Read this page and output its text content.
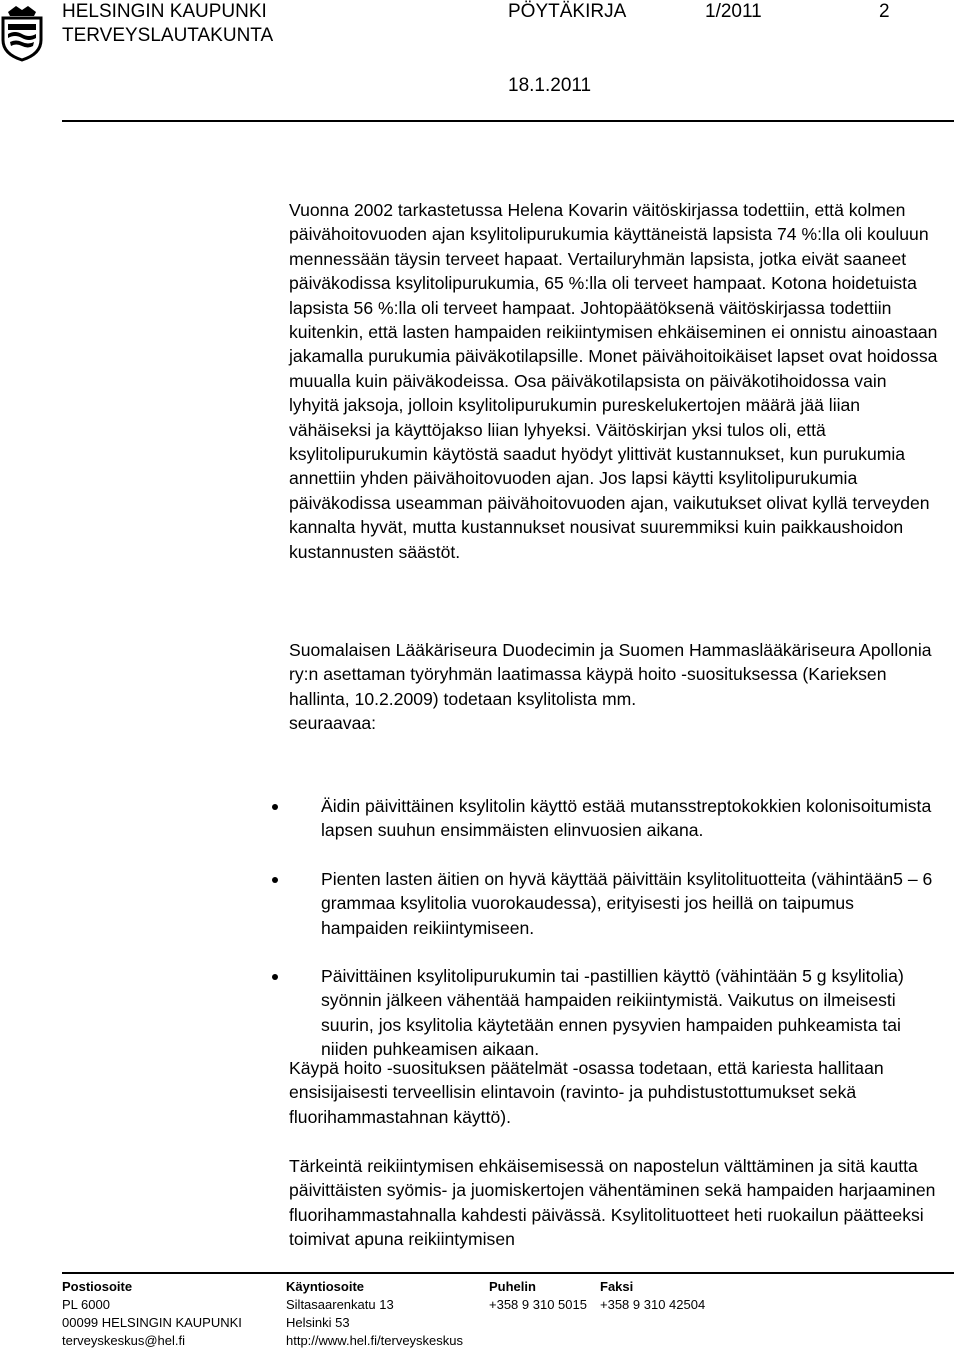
HELSINGIN KAUPUNKI
TERVEYSLAUTAKUNTA
PÖYTÄKIRJA	1/2011	2
18.1.2011

Vuonna 2002 tarkastetussa Helena Kovarin väitöskirjassa todettiin, että kolmen päivähoitovuoden ajan ksylitolipurukumia käyttäneistä lapsista 74 %:lla oli kouluun mennessään täysin terveet hapaat. Vertailuryhmän lapsista, jotka eivät saaneet päiväkodissa ksylitolipurukumia, 65 %:lla oli terveet hampaat. Kotona hoidetuista lapsista 56 %:lla oli terveet hampaat. Johtopäätöksenä väitöskirjassa todettiin kuitenkin, että lasten hampaiden reikiintymisen ehkäiseminen ei onnistu ainoastaan jakamalla purukumia päiväkotilapsille. Monet päivähoitoikäiset lapset ovat hoidossa muualla kuin päiväkodeissa. Osa päiväkotilapsista on päiväkotihoidossa vain lyhyitä jaksoja, jolloin ksylitolipurukumin pureskelukertojen määrä jää liian vähäiseksi ja käyttöjakso liian lyhyeksi. Väitöskirjan yksi tulos oli, että ksylitolipurukumin käytöstä saadut hyödyt ylittivät kustannukset, kun purukumia annettiin yhden päivähoitovuoden ajan. Jos lapsi käytti ksylitolipurukumia päiväkodissa useamman päivähoitovuoden ajan, vaikutukset olivat kyllä terveyden kannalta hyvät, mutta kustannukset nousivat suuremmiksi kuin paikkaushoidon kustannusten säästöt.

Suomalaisen Lääkäriseura Duodecimin ja Suomen Hammaslääkäriseura Apollonia ry:n asettaman työryhmän laatimassa käypä hoito -suosituksessa (Karieksen hallinta, 10.2.2009) todetaan ksylitolista mm.

seuraavaa:

Äidin päivittäinen ksylitolin käyttö estää mutansstreptokokkien kolonisoitumista lapsen suuhun ensimmäisten elinvuosien aikana.
Pienten lasten äitien on hyvä käyttää päivittäin ksylitolituotteita (vähintään5 – 6 grammaa ksylitolia vuorokaudessa), erityisesti jos heillä on taipumus hampaiden reikiintymiseen.
Päivittäinen ksylitolipurukumin tai -pastillien käyttö (vähintään 5 g ksylitolia) syönnin jälkeen vähentää hampaiden reikiintymistä. Vaikutus on ilmeisesti suurin, jos ksylitolia käytetään ennen pysyvien hampaiden puhkeamista tai niiden puhkeamisen aikaan.

Käypä hoito -suosituksen päätelmät -osassa todetaan, että kariesta hallitaan ensisijaisesti terveellisin elintavoin (ravinto- ja puhdistustottumukset sekä fluorihammastahnan käyttö).

Tärkeintä reikiintymisen ehkäisemisessä on napostelun välttäminen ja sitä kautta päivittäisten syömis- ja juomiskertojen vähentäminen sekä hampaiden harjaaminen fluorihammastahnalla kahdesti päivässä. Ksylitolituotteet heti ruokailun päätteeksi toimivat apuna reikiintymisen

Postiosoite
PL 6000
00099 HELSINGIN KAUPUNKI
terveyskeskus@hel.fi
Käyntiosoite
Siltasaarenkatu 13
Helsinki 53
http://www.hel.fi/terveyskeskus
Puhelin
+358 9 310 5015
Faksi
+358 9 310 42504
